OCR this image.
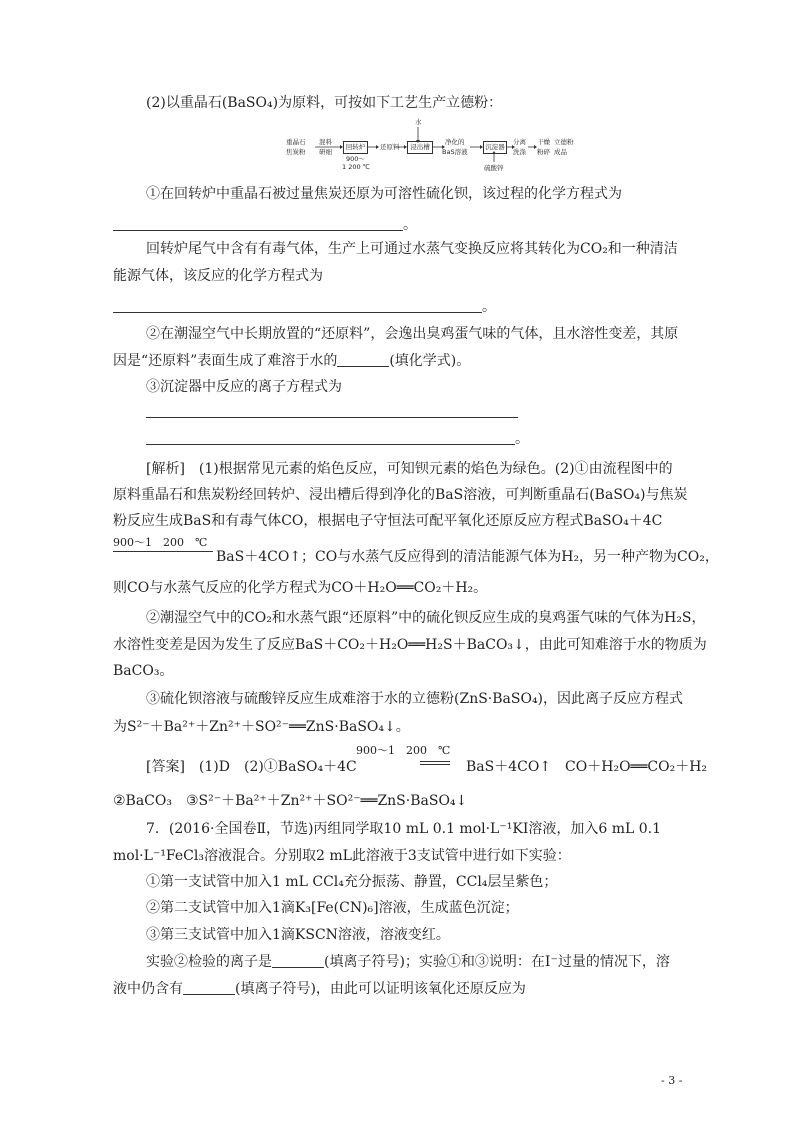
(2)以重晶石(BaSO₄)为原料，可按如下工艺生产立德粉：
重晶石
焦炭粉
混料
研细
回转炉
900～
1 200 ℃
还原料
水
浸出槽
净化的
BaS溶液
沉淀器
硫酸锌
分离
洗涤
干燥
粉碎
立德粉
成品
①在回转炉中重晶石被过量焦炭还原为可溶性硫化钡，该过程的化学方程式为
。
回转炉尾气中含有有毒气体，生产上可通过水蒸气变换反应将其转化为CO₂和一种清洁
能源气体，该反应的化学方程式为
。
②在潮湿空气中长期放置的“还原料”，会逸出臭鸡蛋气味的气体，且水溶性变差，其原
因是“还原料”表面生成了难溶于水的	(填化学式)。
③沉淀器中反应的离子方程式为
。
[解析]　(1)根据常见元素的焰色反应，可知钡元素的焰色为绿色。(2)①由流程图中的
原料重晶石和焦炭粉经回转炉、浸出槽后得到净化的BaS溶液，可判断重晶石(BaSO₄)与焦炭
粉反应生成BaS和有毒气体CO，根据电子守恒法可配平氧化还原反应方程式BaSO₄＋4C
900～1　200　℃
BaS＋4CO↑；CO与水蒸气反应得到的清洁能源气体为H₂，另一种产物为CO₂，
则CO与水蒸气反应的化学方程式为CO＋H₂O══CO₂＋H₂。
②潮湿空气中的CO₂和水蒸气跟“还原料”中的硫化钡反应生成的臭鸡蛋气味的气体为H₂S，
水溶性变差是因为发生了反应BaS＋CO₂＋H₂O══H₂S＋BaCO₃↓，由此可知难溶于水的物质为
BaCO₃。
③硫化钡溶液与硫酸锌反应生成难溶于水的立德粉(ZnS·BaSO₄)，因此离子反应方程式
为S²⁻＋Ba²⁺＋Zn²⁺＋SO²⁻══ZnS·BaSO₄↓。
900～1　200　℃
[答案]　(1)D　(2)①BaSO₄＋4C	BaS＋4CO↑　CO＋H₂O══CO₂＋H₂
②BaCO₃　③S²⁻＋Ba²⁺＋Zn²⁺＋SO²⁻══ZnS·BaSO₄↓
7．(2016·全国卷Ⅱ，节选)丙组同学取10 mL 0.1 mol·L⁻¹KI溶液，加入6 mL 0.1
mol·L⁻¹FeCl₃溶液混合。分别取2 mL此溶液于3支试管中进行如下实验：
①第一支试管中加入1 mL CCl₄充分振荡、静置，CCl₄层呈紫色；
②第二支试管中加入1滴K₃[Fe(CN)₆]溶液，生成蓝色沉淀；
③第三支试管中加入1滴KSCN溶液，溶液变红。
实验②检验的离子是	(填离子符号)；实验①和③说明：在I⁻过量的情况下，溶
液中仍含有	(填离子符号)，由此可以证明该氧化还原反应为
- 3 -
